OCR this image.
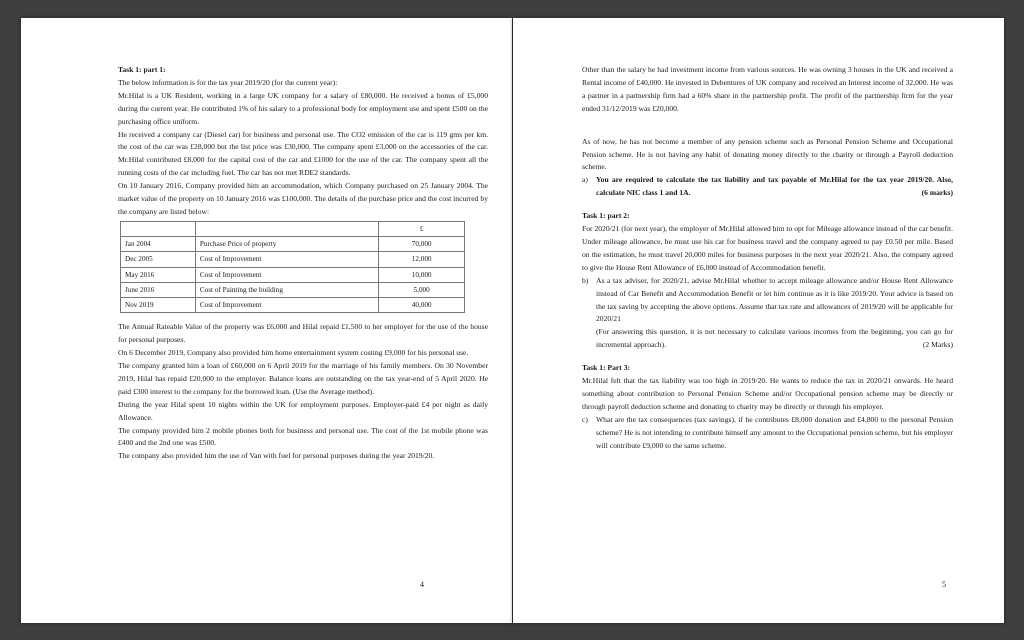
Task 1: part 1:

The below information is for the tax year 2019/20 (for the current year):

Mr.Hilal is a UK Resident, working in a large UK company for a salary of £80,000. He received a bonus of £5,000 during the current year. He contributed 1% of his salary to a professional body for employment use and spent £500 on the purchasing office uniform.

He received a company car (Diesel car) for business and personal use. The CO2 emission of the car is 119 gms per km. the cost of the car was £28,000 but the list price was £30,000. The company spent £3,000 on the accessories of the car. Mr.Hilal contributed £8,000 for the capital cost of the car and £1000 for the use of the car. The company spent all the running costs of the car including fuel. The car has not met RDE2 standards.

On 10 January 2016, Company provided him an accommodation, which Company purchased on 25 January 2004. The market value of the property on 10 January 2016 was £100,000. The details of the purchase price and the cost incurred by the company are listed below:

		£
Jan 2004	Purchase Price of property	70,000
Dec 2005	Cost of Improvement	12,000
May 2016	Cost of Improvement	10,000
June 2016	Cost of Painting the building	5,000
Nov 2019	Cost of Improvement	40,000

The Annual Rateable Value of the property was £6,000 and Hilal repaid £1,500 to her employer for the use of the house for personal purposes.

On 6 December 2019, Company also provided him home entertainment system costing £9,000 for his personal use.

The company granted him a loan of £60,000 on 6 April 2019 for the marriage of his family members. On 30 November 2019, Hilal has repaid £20,000 to the employer. Balance loans are outstanding on the tax year-end of 5 April 2020. He paid £300 interest to the company for the borrowed loan. (Use the Average method).

During the year Hilal spent 10 nights within the UK for employment purposes. Employer-paid £4 per night as daily Allowance.

The company provided him 2 mobile phones both for business and personal use. The cost of the 1st mobile phone was £400 and the 2nd one was £500.

The company also provided him the use of Van with fuel for personal purposes during the year 2019/20.

4

Other than the salary he had investment income from various sources. He was owning 3 houses in the UK and received a Rental income of £40,000. He invested in Debentures of UK company and received an Interest income of 32,000. He was a partner in a partnership firm had a 60% share in the partnership profit. The profit of the partnership firm for the year ended 31/12/2019 was £20,000.

As of now, he has not become a member of any pension scheme such as Personal Pension Scheme and Occupational Pension scheme. He is not having any habit of donating money directly to the charity or through a Payroll deduction scheme.

a)	You are required to calculate the tax liability and tax payable of Mr.Hilal for the tax year 2019/20. Also, calculate NIC class 1 and 1A.	(6 marks)

Task 1: part 2:

For 2020/21 (for next year), the employer of Mr.Hilal allowed him to opt for Mileage allowance instead of the car benefit. Under mileage allowance, he must use his car for business travel and the company agreed to pay £0.50 per mile. Based on the estimation, he must travel 20,000 miles for business purposes in the next year 2020/21. Also, the company agreed to give the House Rent Allowance of £6,000 instead of Accommodation benefit.

b)	As a tax adviser, for 2020/21, advise Mr.Hilal whether to accept mileage allowance and/or House Rent Allowance instead of Car Benefit and Accommodation Benefit or let him continue as it is like 2019/20. Your advice is based on the tax saving by accepting the above options. Assume that tax rate and allowances of 2019/20 will be applicable for 2020/21

(For answering this question, it is not necessary to calculate various incomes from the beginning, you can go for incremental approach).	(2 Marks)

Task 1: Part 3:

Mr.Hilal felt that the tax liability was too high in 2019/20. He wants to reduce the tax in 2020/21 onwards. He heard something about contribution to Personal Pension Scheme and/or Occupational pension scheme may be directly or through payroll deduction scheme and donating to charity may be directly or through his employer.

c)	What are the tax consequences (tax savings), if he contributes £8,000 donation and £4,800 to the personal Pension scheme? He is not intending to contribute himself any amount to the Occupational pension scheme, but his employer will contribute £9,000 to the same scheme.
5
